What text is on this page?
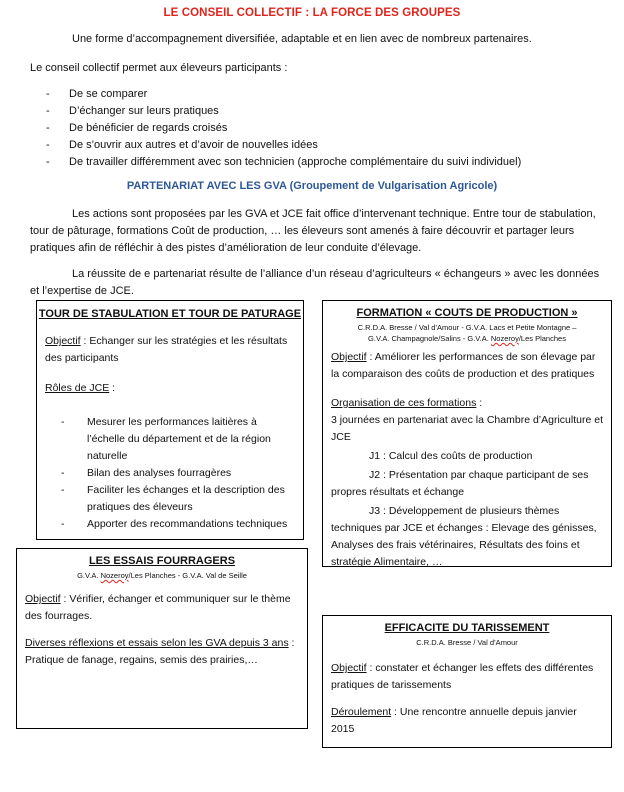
LE CONSEIL COLLECTIF : LA FORCE DES GROUPES
Une forme d’accompagnement diversifiée, adaptable et en lien avec de nombreux partenaires.
Le conseil collectif permet aux éleveurs participants :
- De se comparer
- D’échanger sur leurs pratiques
- De bénéficier de regards croisés
- De s’ouvrir aux autres et d’avoir de nouvelles idées
- De travailler différemment avec son technicien (approche complémentaire du suivi individuel)
PARTENARIAT AVEC LES GVA (Groupement de Vulgarisation Agricole)
Les actions sont proposées par les GVA et JCE fait office d’intervenant technique. Entre tour de stabulation,
tour de pâturage, formations Coût de production, … les éleveurs sont amenés à faire découvrir et partager leurs
pratiques afin de réfléchir à des pistes d’amélioration de leur conduite d’élevage.
La réussite de e partenariat résulte de l’alliance d’un réseau d’agriculteurs « échangeurs » avec les données
et l’expertise de JCE.
TOUR DE STABULATION ET TOUR DE PATURAGE
Objectif : Echanger sur les stratégies et les résultats des participants
Rôles de JCE :
- Mesurer les performances laitières à l’échelle du département et de la région naturelle
- Bilan des analyses fourragères
- Faciliter les échanges et la description des pratiques des éleveurs
- Apporter des recommandations techniques
FORMATION « COUTS DE PRODUCTION »
C.R.D.A. Bresse / Val d’Amour - G.V.A. Lacs et Petite Montagne –
G.V.A. Champagnole/Salins - G.V.A. Nozeroy/Les Planches
Objectif : Améliorer les performances de son élevage par la comparaison des coûts de production et des pratiques
Organisation de ces formations :
3 journées en partenariat avec la Chambre d’Agriculture et JCE
J1 : Calcul des coûts de production
J2 : Présentation par chaque participant de ses propres résultats et échange
J3 : Développement de plusieurs thèmes techniques par JCE et échanges : Elevage des génisses, Analyses des frais vétérinaires, Résultats des foins et stratégie Alimentaire, …
LES ESSAIS FOURRAGERS
G.V.A. Nozeroy/Les Planches - G.V.A. Val de Seille
Objectif : Vérifier, échanger et communiquer sur le thème des fourrages.
Diverses réflexions et essais selon les GVA depuis 3 ans : Pratique de fanage, regains, semis des prairies,…
EFFICACITE DU TARISSEMENT
C.R.D.A. Bresse / Val d’Amour
Objectif : constater et échanger les effets des différentes pratiques de tarissements
Déroulement : Une rencontre annuelle depuis janvier 2015
